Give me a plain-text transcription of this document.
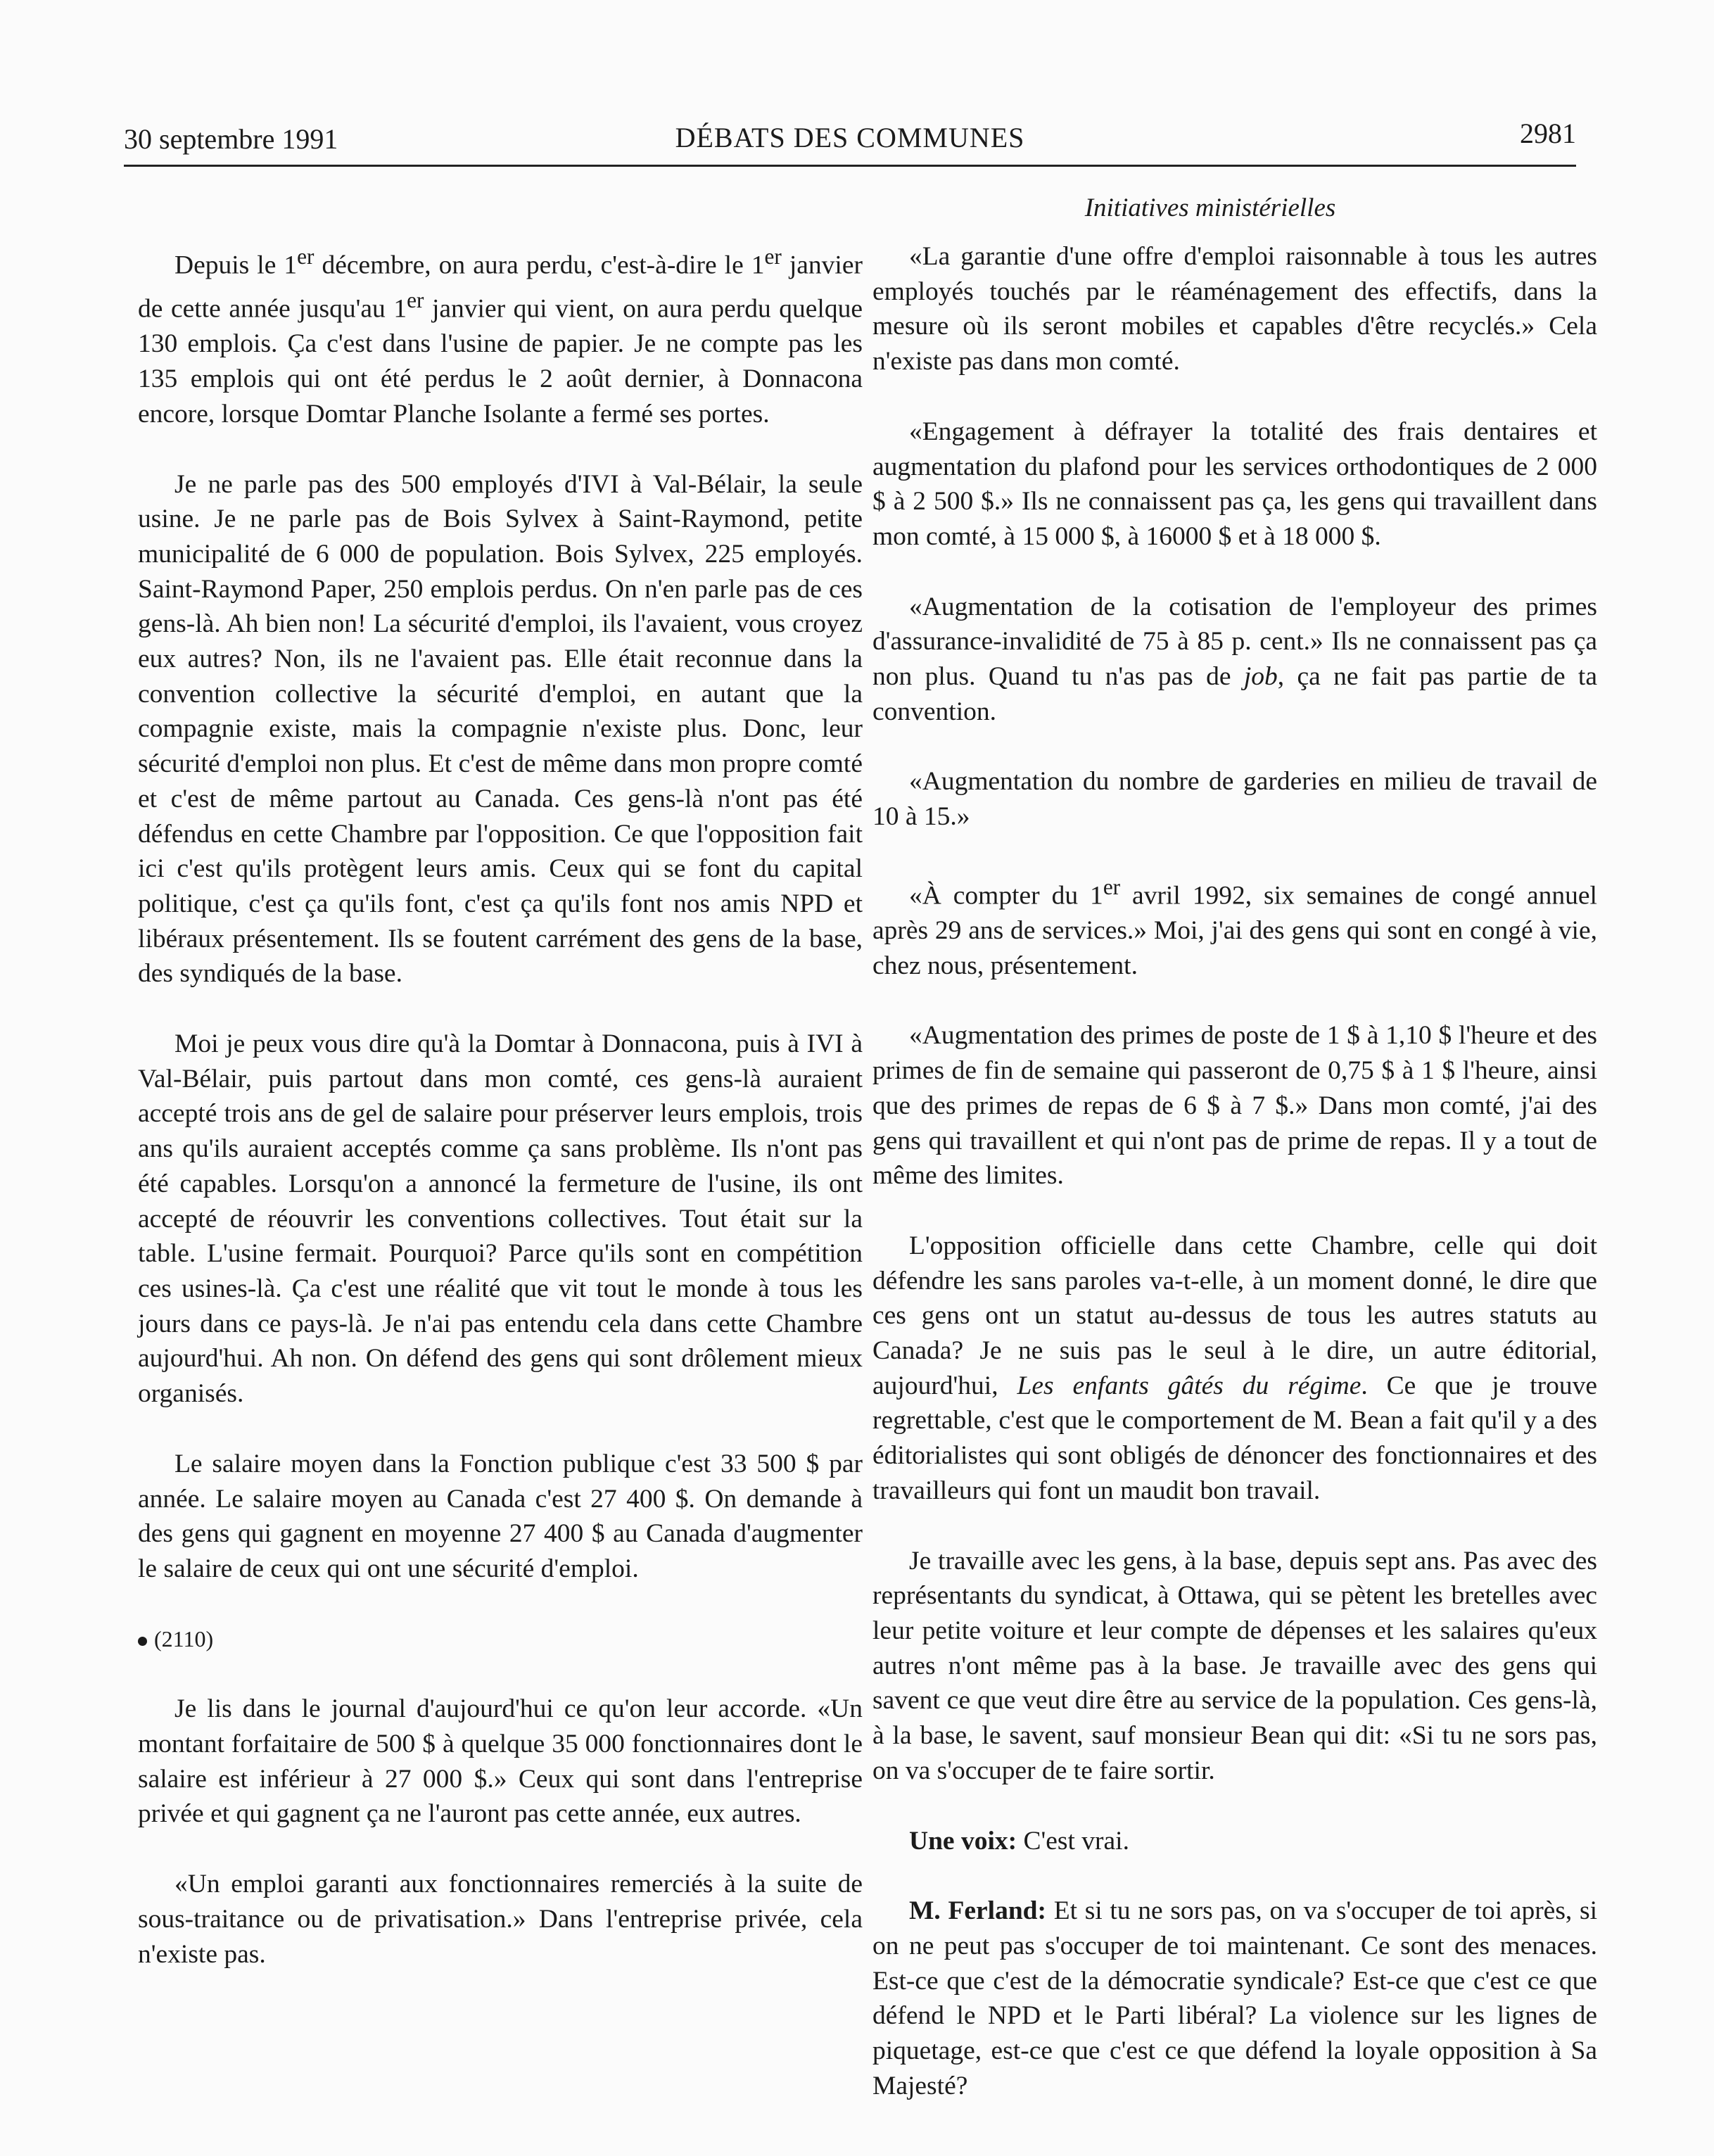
30 septembre 1991	DÉBATS DES COMMUNES	2981
Initiatives ministérielles

Depuis le 1er décembre, on aura perdu, c'est-à-dire le 1er janvier de cette année jusqu'au 1er janvier qui vient, on aura perdu quelque 130 emplois. Ça c'est dans l'usine de papier. Je ne compte pas les 135 emplois qui ont été perdus le 2 août dernier, à Donnacona encore, lorsque Domtar Planche Isolante a fermé ses portes.

Je ne parle pas des 500 employés d'IVI à Val-Bélair, la seule usine. Je ne parle pas de Bois Sylvex à Saint-Raymond, petite municipalité de 6 000 de population. Bois Sylvex, 225 employés. Saint-Raymond Paper, 250 emplois perdus. On n'en parle pas de ces gens-là. Ah bien non! La sécurité d'emploi, ils l'avaient, vous croyez eux autres? Non, ils ne l'avaient pas. Elle était reconnue dans la convention collective la sécurité d'emploi, en autant que la compagnie existe, mais la compagnie n'existe plus. Donc, leur sécurité d'emploi non plus. Et c'est de même dans mon propre comté et c'est de même partout au Canada. Ces gens-là n'ont pas été défendus en cette Chambre par l'opposition. Ce que l'opposition fait ici c'est qu'ils protègent leurs amis. Ceux qui se font du capital politique, c'est ça qu'ils font, c'est ça qu'ils font nos amis NPD et libéraux présentement. Ils se foutent carrément des gens de la base, des syndiqués de la base.

Moi je peux vous dire qu'à la Domtar à Donnacona, puis à IVI à Val-Bélair, puis partout dans mon comté, ces gens-là auraient accepté trois ans de gel de salaire pour préserver leurs emplois, trois ans qu'ils auraient acceptés comme ça sans problème. Ils n'ont pas été capables. Lorsqu'on a annoncé la fermeture de l'usine, ils ont accepté de réouvrir les conventions collectives. Tout était sur la table. L'usine fermait. Pourquoi? Parce qu'ils sont en compétition ces usines-là. Ça c'est une réalité que vit tout le monde à tous les jours dans ce pays-là. Je n'ai pas entendu cela dans cette Chambre aujourd'hui. Ah non. On défend des gens qui sont drôlement mieux organisés.

Le salaire moyen dans la Fonction publique c'est 33 500 $ par année. Le salaire moyen au Canada c'est 27 400 $. On demande à des gens qui gagnent en moyenne 27 400 $ au Canada d'augmenter le salaire de ceux qui ont une sécurité d'emploi.

(2110)

Je lis dans le journal d'aujourd'hui ce qu'on leur accorde. «Un montant forfaitaire de 500 $ à quelque 35 000 fonctionnaires dont le salaire est inférieur à 27 000 $.» Ceux qui sont dans l'entreprise privée et qui gagnent ça ne l'auront pas cette année, eux autres.

«Un emploi garanti aux fonctionnaires remerciés à la suite de sous-traitance ou de privatisation.» Dans l'entreprise privée, cela n'existe pas.

«La garantie d'une offre d'emploi raisonnable à tous les autres employés touchés par le réaménagement des effectifs, dans la mesure où ils seront mobiles et capables d'être recyclés.» Cela n'existe pas dans mon comté.

«Engagement à défrayer la totalité des frais dentaires et augmentation du plafond pour les services orthodontiques de 2 000 $ à 2 500 $.» Ils ne connaissent pas ça, les gens qui travaillent dans mon comté, à 15 000 $, à 16000 $ et à 18 000 $.

«Augmentation de la cotisation de l'employeur des primes d'assurance-invalidité de 75 à 85 p. cent.» Ils ne connaissent pas ça non plus. Quand tu n'as pas de job, ça ne fait pas partie de ta convention.

«Augmentation du nombre de garderies en milieu de travail de 10 à 15.»

«À compter du 1er avril 1992, six semaines de congé annuel après 29 ans de services.» Moi, j'ai des gens qui sont en congé à vie, chez nous, présentement.

«Augmentation des primes de poste de 1 $ à 1,10 $ l'heure et des primes de fin de semaine qui passeront de 0,75 $ à 1 $ l'heure, ainsi que des primes de repas de 6 $ à 7 $.» Dans mon comté, j'ai des gens qui travaillent et qui n'ont pas de prime de repas. Il y a tout de même des limites.

L'opposition officielle dans cette Chambre, celle qui doit défendre les sans paroles va-t-elle, à un moment donné, le dire que ces gens ont un statut au-dessus de tous les autres statuts au Canada? Je ne suis pas le seul à le dire, un autre éditorial, aujourd'hui, Les enfants gâtés du régime. Ce que je trouve regrettable, c'est que le comportement de M. Bean a fait qu'il y a des éditorialistes qui sont obligés de dénoncer des fonctionnaires et des travailleurs qui font un maudit bon travail.

Je travaille avec les gens, à la base, depuis sept ans. Pas avec des représentants du syndicat, à Ottawa, qui se pètent les bretelles avec leur petite voiture et leur compte de dépenses et les salaires qu'eux autres n'ont même pas à la base. Je travaille avec des gens qui savent ce que veut dire être au service de la population. Ces gens-là, à la base, le savent, sauf monsieur Bean qui dit: «Si tu ne sors pas, on va s'occuper de te faire sortir.

Une voix: C'est vrai.

M. Ferland: Et si tu ne sors pas, on va s'occuper de toi après, si on ne peut pas s'occuper de toi maintenant. Ce sont des menaces. Est-ce que c'est de la démocratie syndicale? Est-ce que c'est ce que défend le NPD et le Parti libéral? La violence sur les lignes de piquetage, est-ce que c'est ce que défend la loyale opposition à Sa Majesté?
